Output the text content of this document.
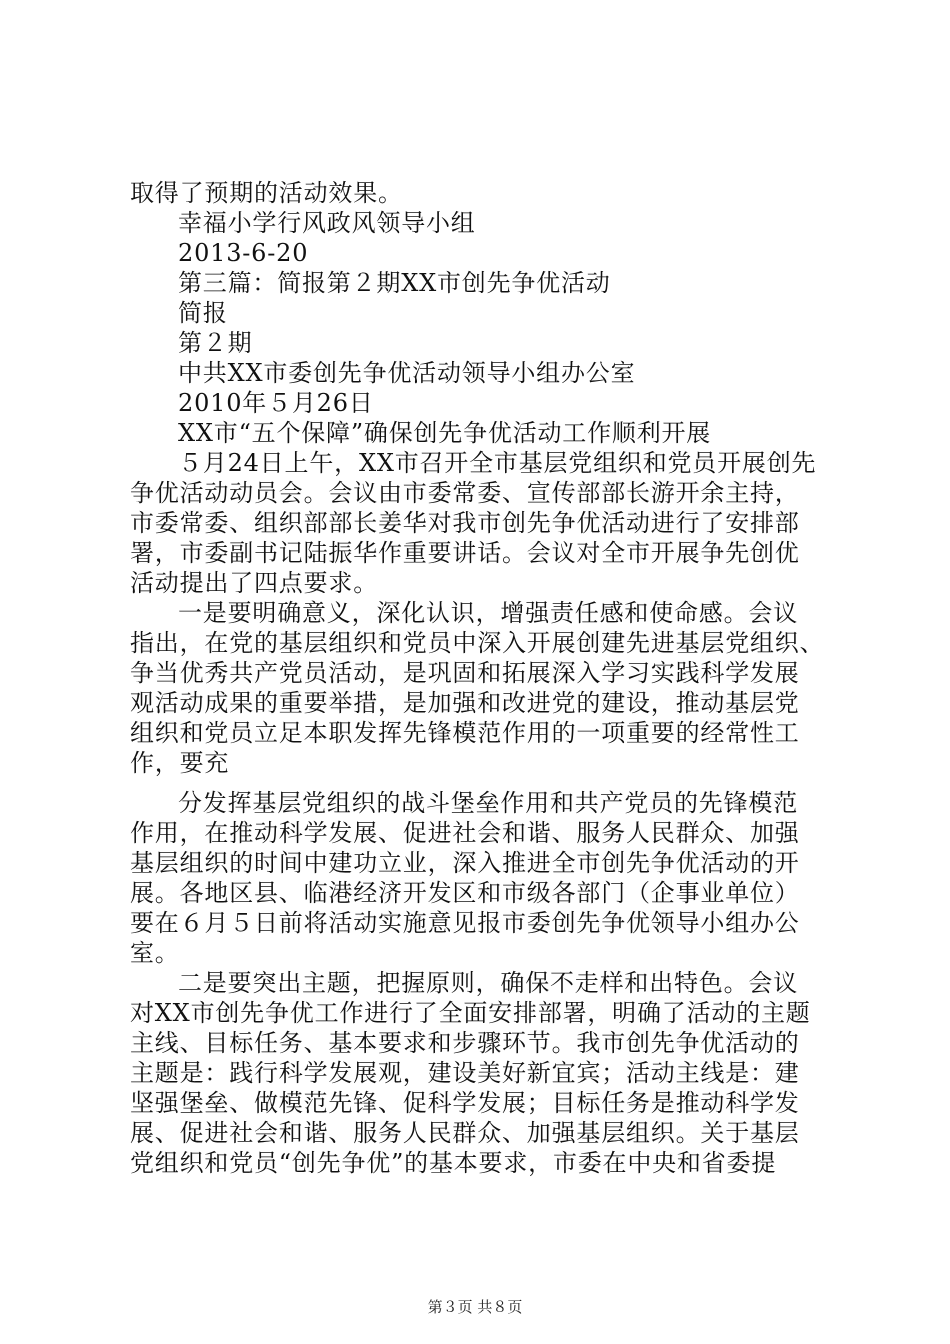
取得了预期的活动效果。
幸福小学行风政风领导小组
2013-6-20
第三篇：简报第２期XX市创先争优活动
简报
第２期
中共XX市委创先争优活动领导小组办公室
2010年５月26日
XX市“五个保障”确保创先争优活动工作顺利开展
５月24日上午，XX市召开全市基层党组织和党员开展创先
争优活动动员会。会议由市委常委、宣传部部长游开余主持，
市委常委、组织部部长姜华对我市创先争优活动进行了安排部
署，市委副书记陆振华作重要讲话。会议对全市开展争先创优
活动提出了四点要求。
一是要明确意义，深化认识，增强责任感和使命感。会议
指出，在党的基层组织和党员中深入开展创建先进基层党组织、
争当优秀共产党员活动，是巩固和拓展深入学习实践科学发展
观活动成果的重要举措，是加强和改进党的建设，推动基层党
组织和党员立足本职发挥先锋模范作用的一项重要的经常性工
作，要充
分发挥基层党组织的战斗堡垒作用和共产党员的先锋模范
作用，在推动科学发展、促进社会和谐、服务人民群众、加强
基层组织的时间中建功立业，深入推进全市创先争优活动的开
展。各地区县、临港经济开发区和市级各部门（企事业单位）
要在６月５日前将活动实施意见报市委创先争优领导小组办公
室。
二是要突出主题，把握原则，确保不走样和出特色。会议
对XX市创先争优工作进行了全面安排部署，明确了活动的主题
主线、目标任务、基本要求和步骤环节。我市创先争优活动的
主题是：践行科学发展观，建设美好新宜宾；活动主线是：建
坚强堡垒、做模范先锋、促科学发展；目标任务是推动科学发
展、促进社会和谐、服务人民群众、加强基层组织。关于基层
党组织和党员“创先争优”的基本要求，市委在中央和省委提
第３页 共８页
